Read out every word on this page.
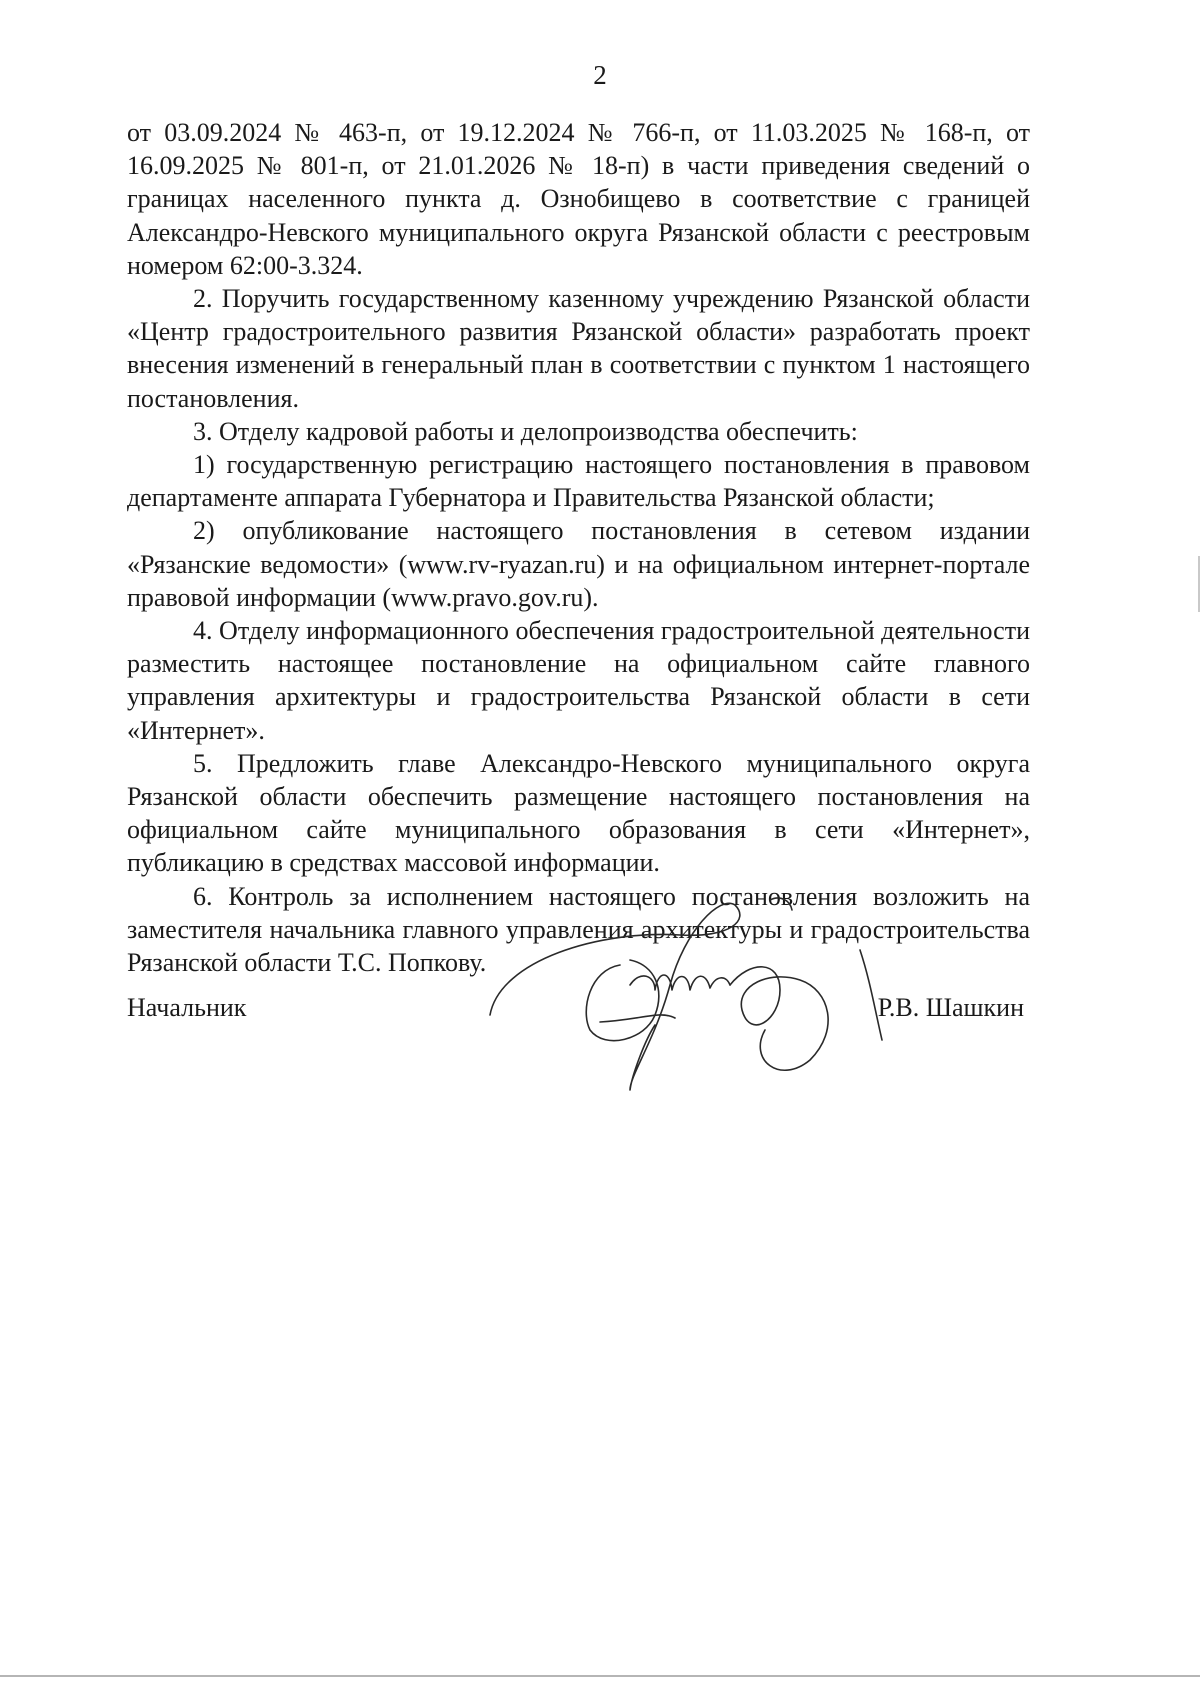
2

от 03.09.2024 № 463-п, от 19.12.2024 № 766-п, от 11.03.2025 № 168-п, от 16.09.2025 № 801-п, от 21.01.2026 № 18-п) в части приведения сведений о границах населенного пункта д. Ознобищево в соответствие с границей Александро-Невского муниципального округа Рязанской области с реестровым номером 62:00-3.324.

2. Поручить государственному казенному учреждению Рязанской области «Центр градостроительного развития Рязанской области» разработать проект внесения изменений в генеральный план в соответствии с пунктом 1 настоящего постановления.

3. Отделу кадровой работы и делопроизводства обеспечить:

1) государственную регистрацию настоящего постановления в правовом департаменте аппарата Губернатора и Правительства Рязанской области;

2) опубликование настоящего постановления в сетевом издании «Рязанские ведомости» (www.rv-ryazan.ru) и на официальном интернет-портале правовой информации (www.pravo.gov.ru).

4. Отделу информационного обеспечения градостроительной деятельности разместить настоящее постановление на официальном сайте главного управления архитектуры и градостроительства Рязанской области в сети «Интернет».

5. Предложить главе Александро-Невского муниципального округа Рязанской области обеспечить размещение настоящего постановления на официальном сайте муниципального образования в сети «Интернет», публикацию в средствах массовой информации.

6. Контроль за исполнением настоящего постановления возложить на заместителя начальника главного управления архитектуры и градостроительства Рязанской области Т.С. Попкову.

Начальник	Р.В. Шашкин
